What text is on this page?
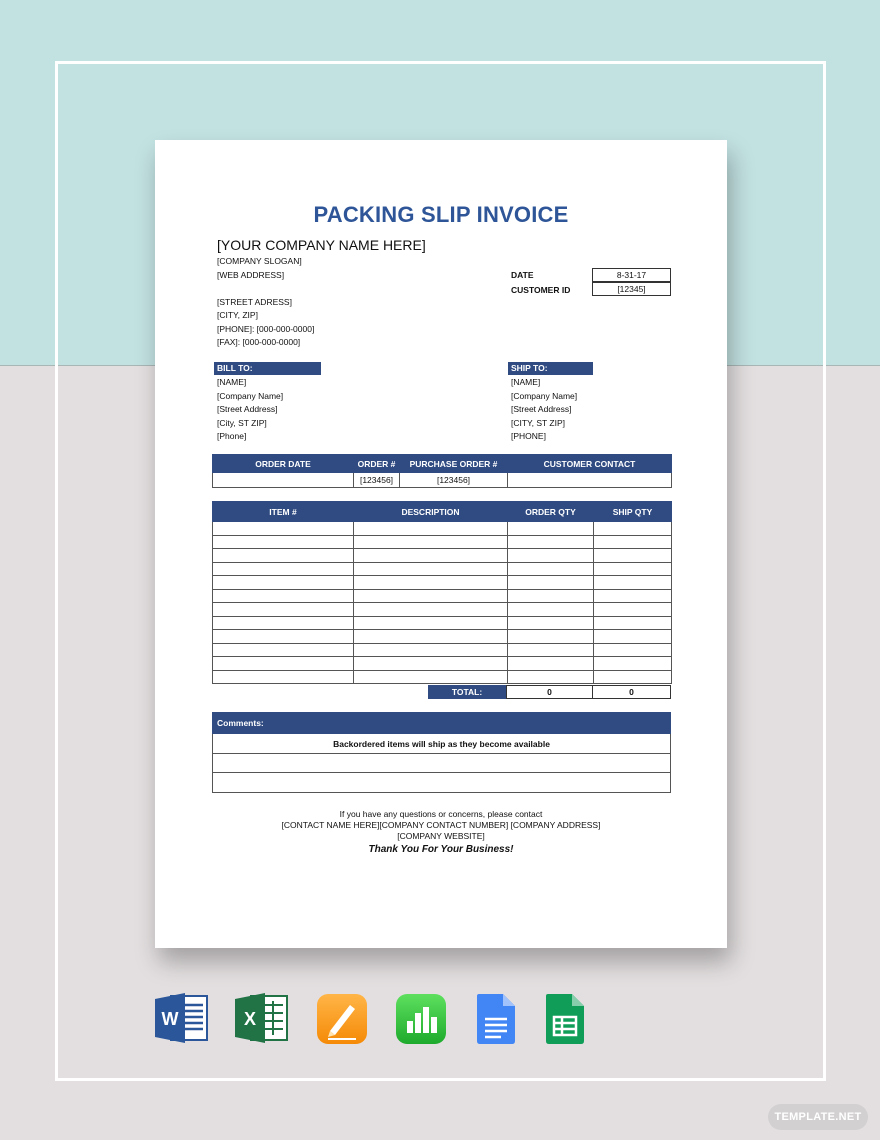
PACKING SLIP INVOICE
[YOUR COMPANY NAME HERE]
[COMPANY SLOGAN]
[WEB ADDRESS]
[STREET ADRESS]
[CITY, ZIP]
[PHONE]: [000-000-0000]
[FAX]: [000-000-0000]
DATE	8-31-17
CUSTOMER ID	[12345]
BILL TO:
[NAME]
[Company Name]
[Street Address]
[City, ST ZIP]
[Phone]
SHIP TO:
[NAME]
[Company Name]
[Street Address]
[CITY, ST ZIP]
[PHONE]
ORDER DATE	ORDER #	PURCHASE ORDER #	CUSTOMER CONTACT
	[123456]	[123456]	
ITEM #	DESCRIPTION	ORDER QTY	SHIP QTY

TOTAL:	0	0
Comments:
Backordered items will ship as they become available

If you have any questions or concerns, please contact
[CONTACT NAME HERE][COMPANY CONTACT NUMBER] [COMPANY ADDRESS]
[COMPANY WEBSITE]
Thank You For Your Business!
W	X
TEMPLATE.NET
